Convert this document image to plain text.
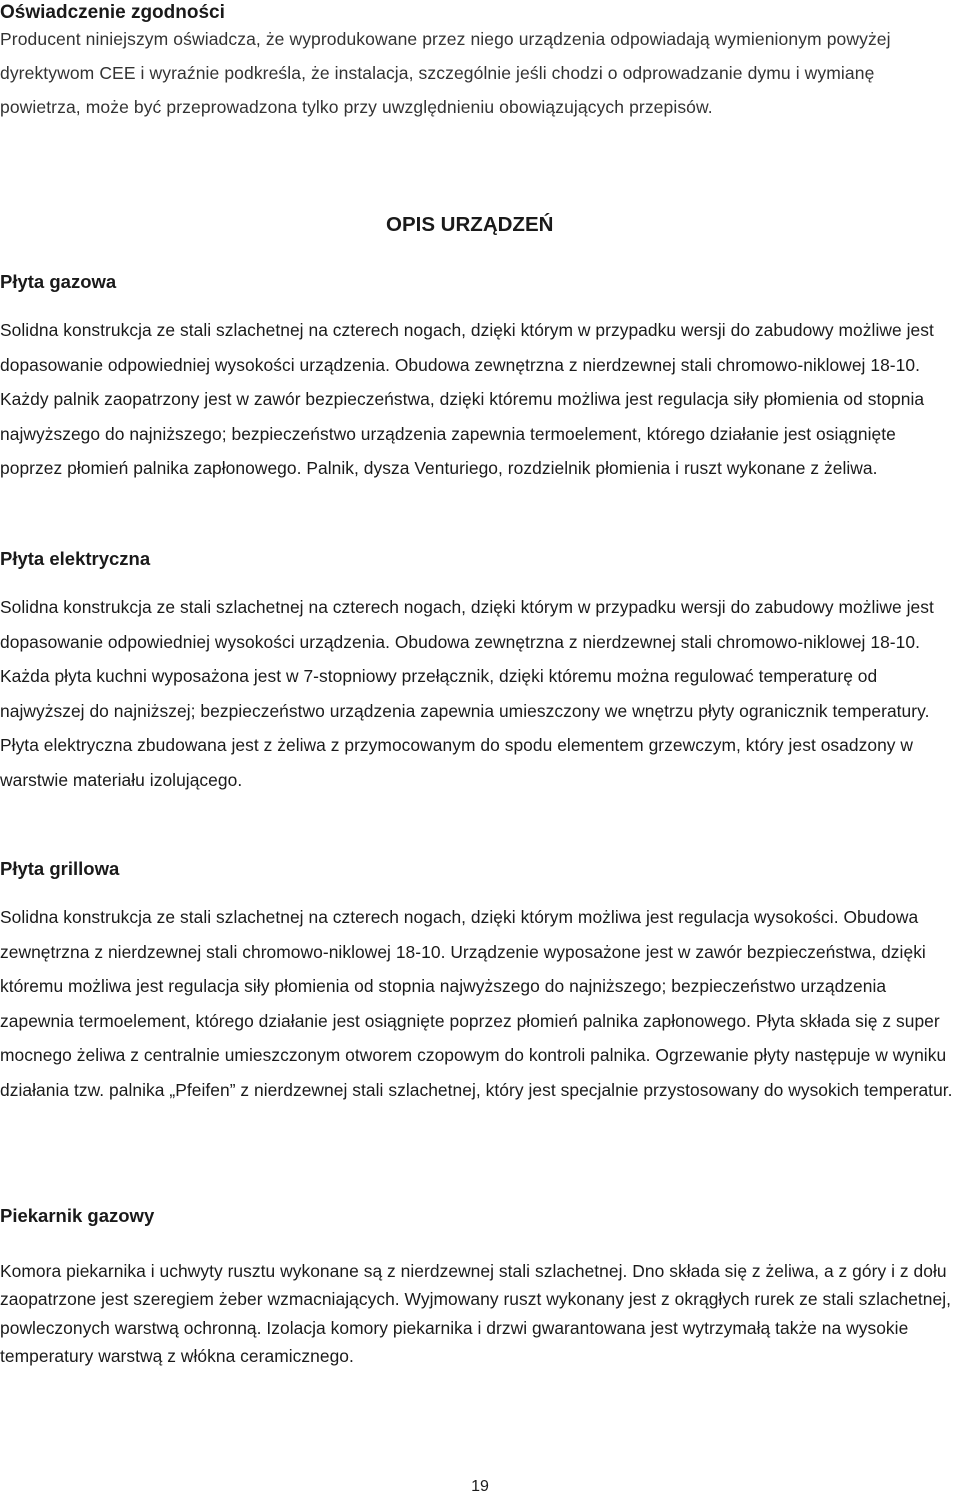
Oświadczenie zgodności

Producent niniejszym oświadcza, że wyprodukowane przez niego urządzenia odpowiadają wymienionym powyżej dyrektywom CEE i wyraźnie podkreśla, że instalacja, szczególnie jeśli chodzi o odprowadzanie dymu i wymianę powietrza, może być przeprowadzona tylko przy uwzględnieniu obowiązujących przepisów.

OPIS URZĄDZEŃ
Płyta gazowa

Solidna konstrukcja ze stali szlachetnej na czterech nogach, dzięki którym w przypadku wersji do zabudowy możliwe jest dopasowanie odpowiedniej wysokości urządzenia. Obudowa zewnętrzna z nierdzewnej stali chromowo-niklowej 18-10. Każdy palnik zaopatrzony jest w zawór bezpieczeństwa, dzięki któremu możliwa jest regulacja siły płomienia od stopnia najwyższego do najniższego; bezpieczeństwo urządzenia zapewnia termoelement, którego działanie jest osiągnięte poprzez płomień palnika zapłonowego. Palnik, dysza Venturiego, rozdzielnik płomienia i ruszt wykonane z żeliwa.

Płyta elektryczna

Solidna konstrukcja ze stali szlachetnej na czterech nogach, dzięki którym w przypadku wersji do zabudowy możliwe jest dopasowanie odpowiedniej wysokości urządzenia. Obudowa zewnętrzna z nierdzewnej stali chromowo-niklowej 18-10. Każda płyta kuchni wyposażona jest w 7-stopniowy przełącznik, dzięki któremu można regulować temperaturę od najwyższej do najniższej; bezpieczeństwo urządzenia zapewnia umieszczony we wnętrzu płyty ogranicznik temperatury. Płyta elektryczna zbudowana jest z żeliwa z przymocowanym do spodu elementem grzewczym, który jest osadzony w warstwie materiału izolującego.

Płyta grillowa

Solidna konstrukcja ze stali szlachetnej na czterech nogach, dzięki którym możliwa jest regulacja wysokości. Obudowa zewnętrzna z nierdzewnej stali chromowo-niklowej 18-10. Urządzenie wyposażone jest w zawór bezpieczeństwa, dzięki któremu możliwa jest regulacja siły płomienia od stopnia najwyższego do najniższego; bezpieczeństwo urządzenia zapewnia termoelement, którego działanie jest osiągnięte poprzez płomień palnika zapłonowego. Płyta składa się z super mocnego żeliwa z centralnie umieszczonym otworem czopowym do kontroli palnika. Ogrzewanie płyty następuje w wyniku działania tzw. palnika „Pfeifen” z nierdzewnej stali szlachetnej, który jest specjalnie przystosowany do wysokich temperatur.

Piekarnik gazowy

Komora piekarnika i uchwyty rusztu wykonane są z nierdzewnej stali szlachetnej. Dno składa się z żeliwa, a z góry i z dołu zaopatrzone jest szeregiem żeber wzmacniających. Wyjmowany ruszt wykonany jest z okrągłych rurek ze stali szlachetnej, powleczonych warstwą ochronną. Izolacja komory piekarnika i drzwi gwarantowana jest wytrzymałą także na wysokie temperatury warstwą z włókna ceramicznego.

19
